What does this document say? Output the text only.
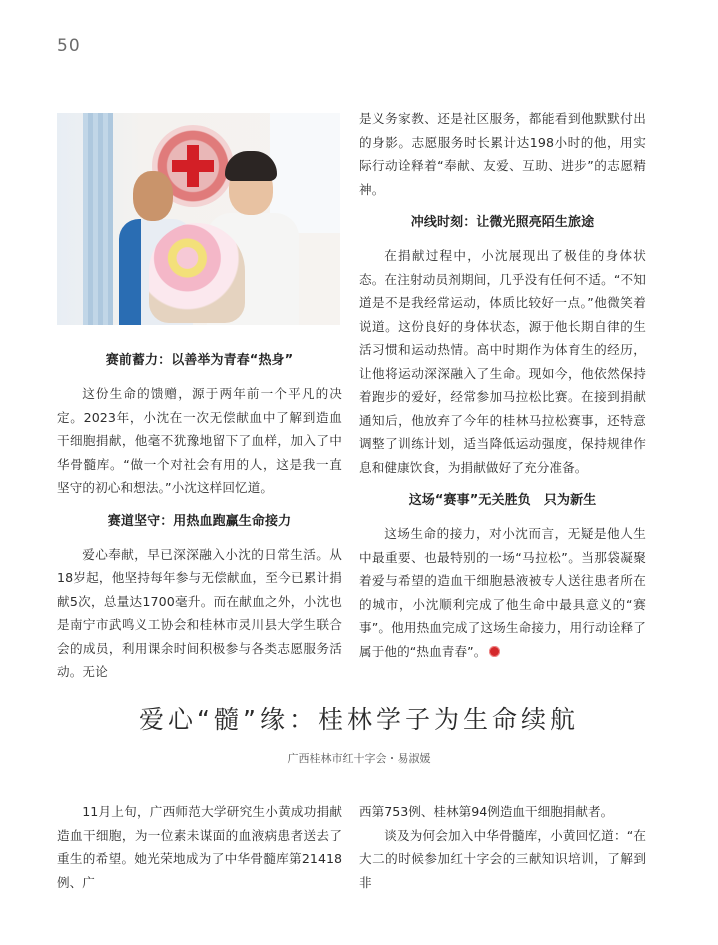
50
赛前蓄力：以善举为青春“热身”

这份生命的馈赠，源于两年前一个平凡的决定。2023年，小沈在一次无偿献血中了解到造血干细胞捐献，他毫不犹豫地留下了血样，加入了中华骨髓库。“做一个对社会有用的人，这是我一直坚守的初心和想法。”小沈这样回忆道。

赛道坚守：用热血跑赢生命接力

爱心奉献，早已深深融入小沈的日常生活。从18岁起，他坚持每年参与无偿献血，至今已累计捐献5次，总量达1700毫升。而在献血之外，小沈也是南宁市武鸣义工协会和桂林市灵川县大学生联合会的成员，利用课余时间积极参与各类志愿服务活动。无论

是义务家教、还是社区服务，都能看到他默默付出的身影。志愿服务时长累计达198小时的他，用实际行动诠释着“奉献、友爱、互助、进步”的志愿精神。

冲线时刻：让微光照亮陌生旅途

在捐献过程中，小沈展现出了极佳的身体状态。在注射动员剂期间，几乎没有任何不适。“不知道是不是我经常运动，体质比较好一点。”他微笑着说道。这份良好的身体状态，源于他长期自律的生活习惯和运动热情。高中时期作为体育生的经历，让他将运动深深融入了生命。现如今，他依然保持着跑步的爱好，经常参加马拉松比赛。在接到捐献通知后，他放弃了今年的桂林马拉松赛事，还特意调整了训练计划，适当降低运动强度，保持规律作息和健康饮食，为捐献做好了充分准备。

这场“赛事”无关胜负　只为新生

这场生命的接力，对小沈而言，无疑是他人生中最重要、也最特别的一场“马拉松”。当那袋凝聚着爱与希望的造血干细胞悬液被专人送往患者所在的城市，小沈顺利完成了他生命中最具意义的“赛事”。他用热血完成了这场生命接力，用行动诠释了属于他的“热血青春”。

爱心“髓”缘：桂林学子为生命续航
广西桂林市红十字会・易淑媛

11月上旬，广西师范大学研究生小黄成功捐献造血干细胞，为一位素未谋面的血液病患者送去了重生的希望。她光荣地成为了中华骨髓库第21418例、广

西第753例、桂林第94例造血干细胞捐献者。

谈及为何会加入中华骨髓库，小黄回忆道：“在大二的时候参加红十字会的三献知识培训，了解到非
